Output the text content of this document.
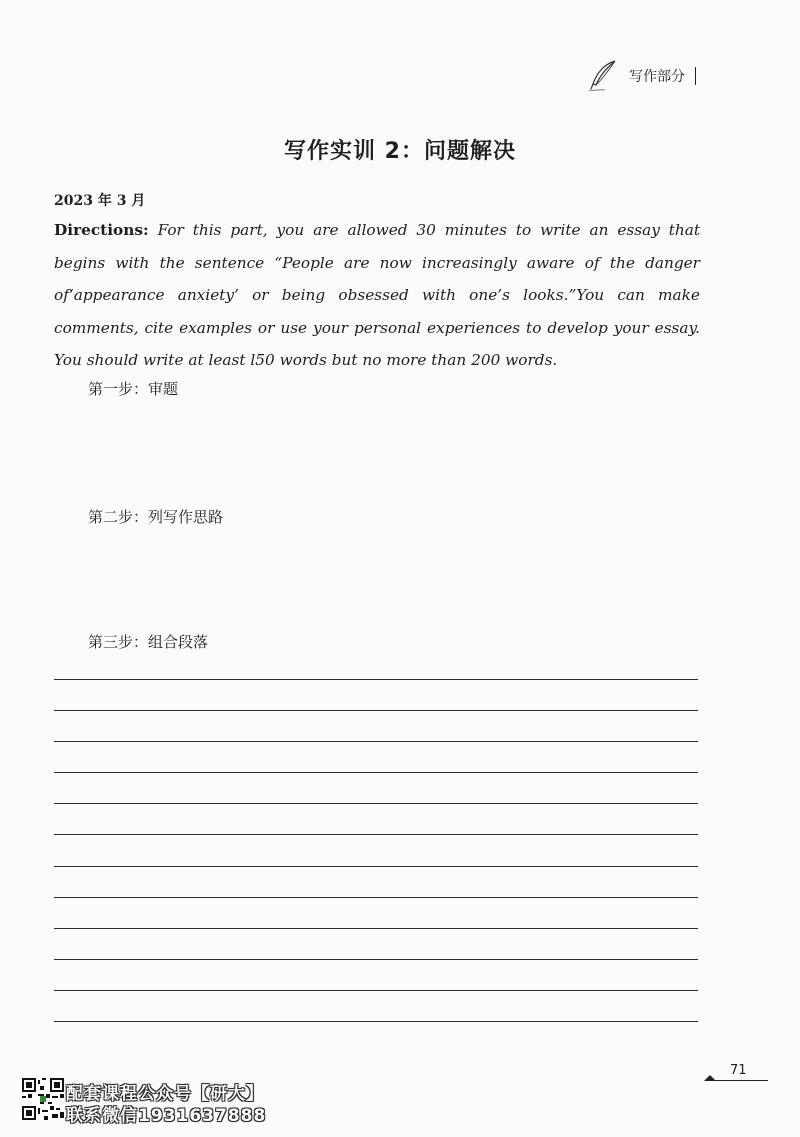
写作部分
写作实训 2：问题解决
2023 年 3 月

Directions: For this part, you are allowed 30 minutes to write an essay that begins with the sentence “People are now increasingly aware of the danger of‘appearance anxiety’ or being obsessed with one’s looks.”You can make comments, cite examples or use your personal experiences to develop your essay. You should write at least l50 words but no more than 200 words.

第一步：审题
第二步：列写作思路
第三步：组合段落
71
配套课程公众号【研大】
联系微信1931637888
